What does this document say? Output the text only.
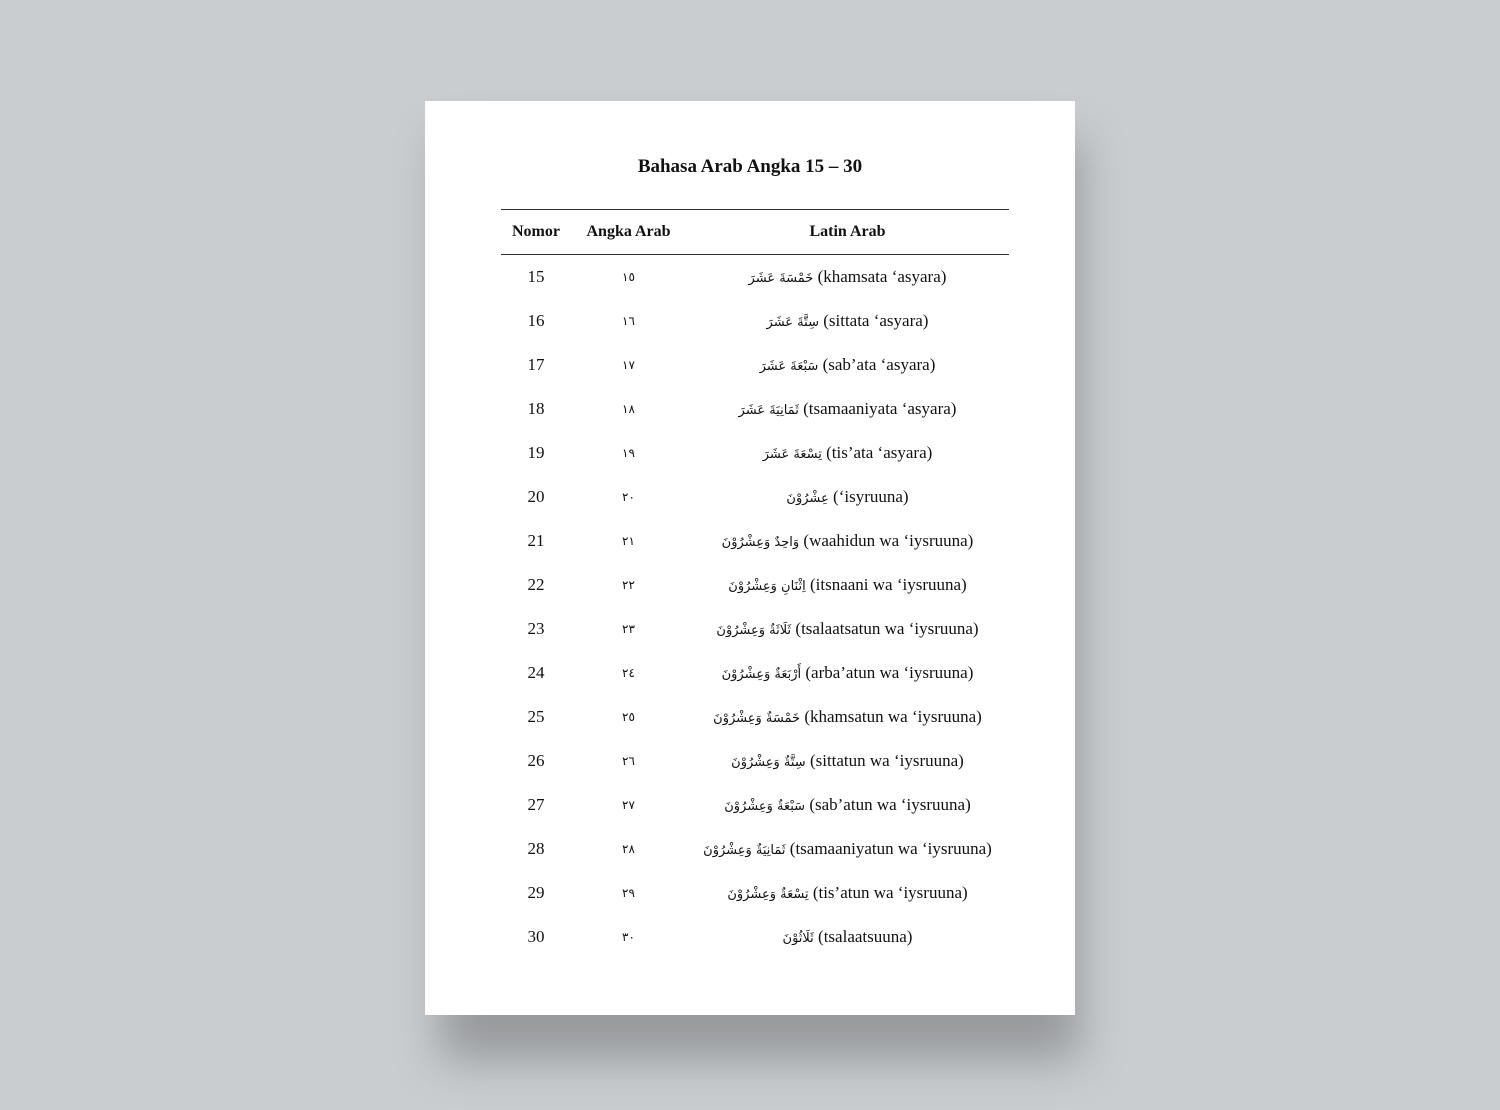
Bahasa Arab Angka 15 – 30
Nomor	Angka Arab	Latin Arab
15	١٥	خَمْسَةَ عَشَرَ (khamsata ‘asyara)
16	١٦	سِتَّةَ عَشَرَ (sittata ‘asyara)
17	١٧	سَبْعَةَ عَشَرَ (sab’ata ‘asyara)
18	١٨	ثَمَانِيَةَ عَشَرَ (tsamaaniyata ‘asyara)
19	١٩	تِسْعَةَ عَشَرَ (tis’ata ‘asyara)
20	٢٠	عِشْرُوْنَ (‘isyruuna)
21	٢١	وَاحِدٌ وَعِشْرُوْنَ (waahidun wa ‘iysruuna)
22	٢٢	اِثْنَانِ وَعِشْرُوْنَ (itsnaani wa ‘iysruuna)
23	٢٣	ثَلَاثَةٌ وَعِشْرُوْنَ (tsalaatsatun wa ‘iysruuna)
24	٢٤	أَرْبَعَةٌ وَعِشْرُوْنَ (arba’atun wa ‘iysruuna)
25	٢٥	خَمْسَةٌ وَعِشْرُوْنَ (khamsatun wa ‘iysruuna)
26	٢٦	سِتَّةٌ وَعِشْرُوْنَ (sittatun wa ‘iysruuna)
27	٢٧	سَبْعَةٌ وَعِشْرُوْنَ (sab’atun wa ‘iysruuna)
28	٢٨	ثَمَانِيَةٌ وَعِشْرُوْنَ (tsamaaniyatun wa ‘iysruuna)
29	٢٩	تِسْعَةٌ وَعِشْرُوْنَ (tis’atun wa ‘iysruuna)
30	٣٠	ثَلَاثُوْنَ (tsalaatsuuna)
